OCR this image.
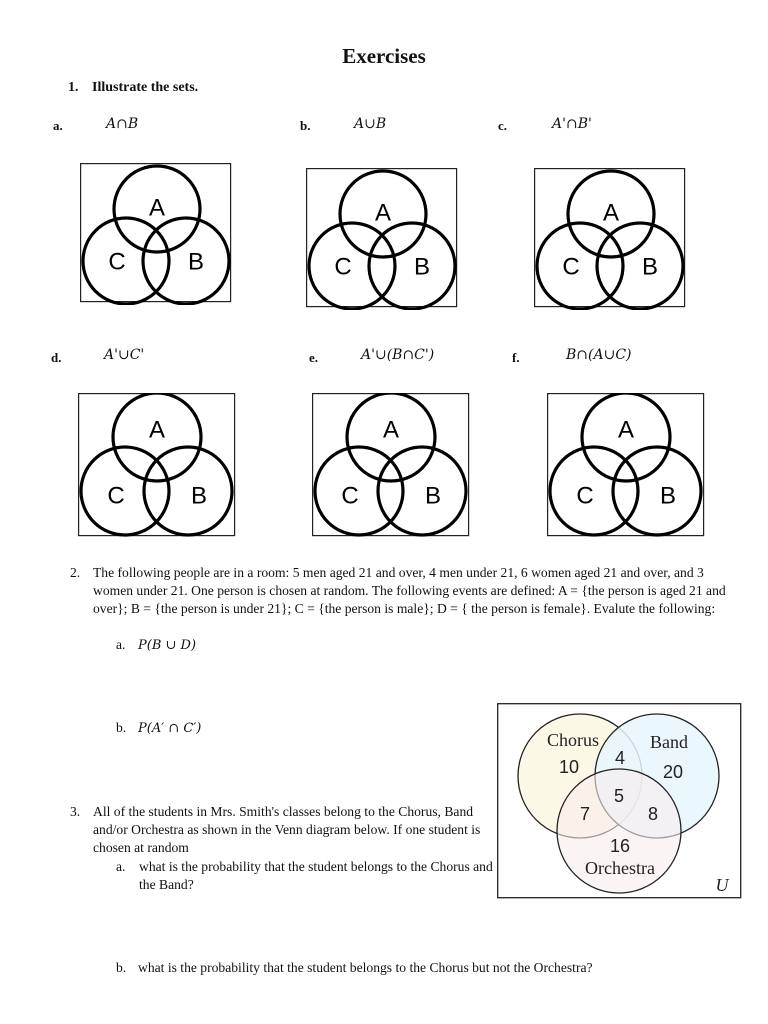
Exercises
1. Illustrate the sets.
a.	A∩B	b.	A∪B	c.	A'∩B'
d.	A'∪C'	e.	A'∪(B∩C')	f.	B∩(A∪C)
A
C	B
A
C	B
A
C	B
A
C	B
A
C	B
A
C	B
2. The following people are in a room: 5 men aged 21 and over, 4 men under 21, 6 women aged 21 and over, and 3 women under 21. One person is chosen at random. The following events are defined: A = {the person is aged 21 and over}; B = {the person is under 21}; C = {the person is male}; D = { the person is female}. Evalute the following:
a. P(B ∪ D)
b. P(A′ ∩ C′)
3. All of the students in Mrs. Smith's classes belong to the Chorus, Band and/or Orchestra as shown in the Venn diagram below. If one student is chosen at random
a. what is the probability that the student belongs to the Chorus and the Band?
b. what is the probability that the student belongs to the Chorus but not the Orchestra?
Chorus	Band
Orchestra
U
10 4
20
5
7	8
16
